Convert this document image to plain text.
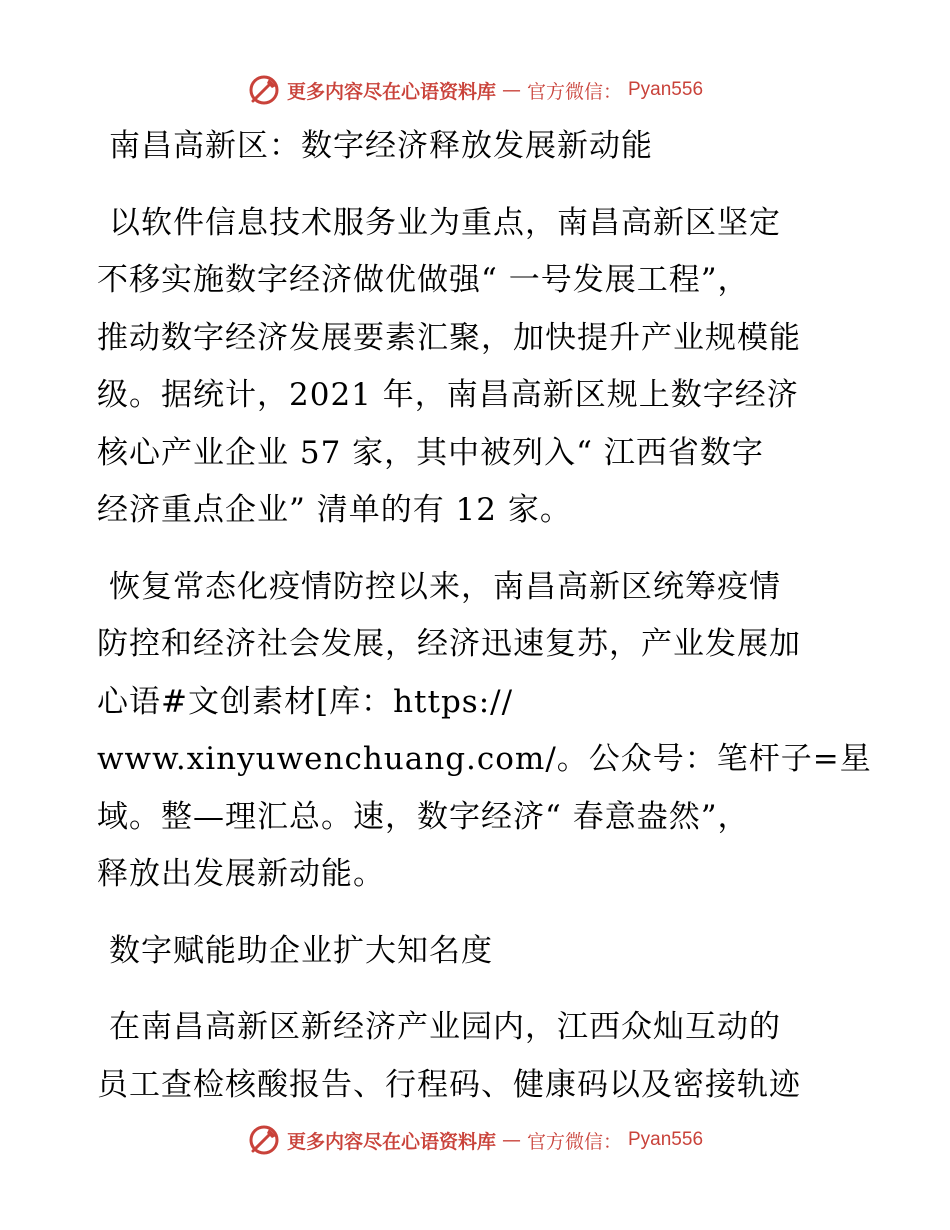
更多内容尽在心语资料库 — 官方微信： Pyan556

南昌高新区：数字经济释放发展新动能

以软件信息技术服务业为重点，南昌高新区坚定
不移实施数字经济做优做强“ 一号发展工程”，
推动数字经济发展要素汇聚，加快提升产业规模能
级。据统计，2021 年，南昌高新区规上数字经济
核心产业企业 57 家，其中被列入“ 江西省数字
经济重点企业” 清单的有 12 家。

恢复常态化疫情防控以来，南昌高新区统筹疫情
防控和经济社会发展，经济迅速复苏，产业发展加
心语#文创素材[库：https://
www.xinyuwenchuang.com/。公众号：笔杆子=星
域。整—理汇总。速，数字经济“ 春意盎然”，
释放出发展新动能。

数字赋能助企业扩大知名度

在南昌高新区新经济产业园内，江西众灿互动的
员工查检核酸报告、行程码、健康码以及密接轨迹

更多内容尽在心语资料库 — 官方微信： Pyan556
